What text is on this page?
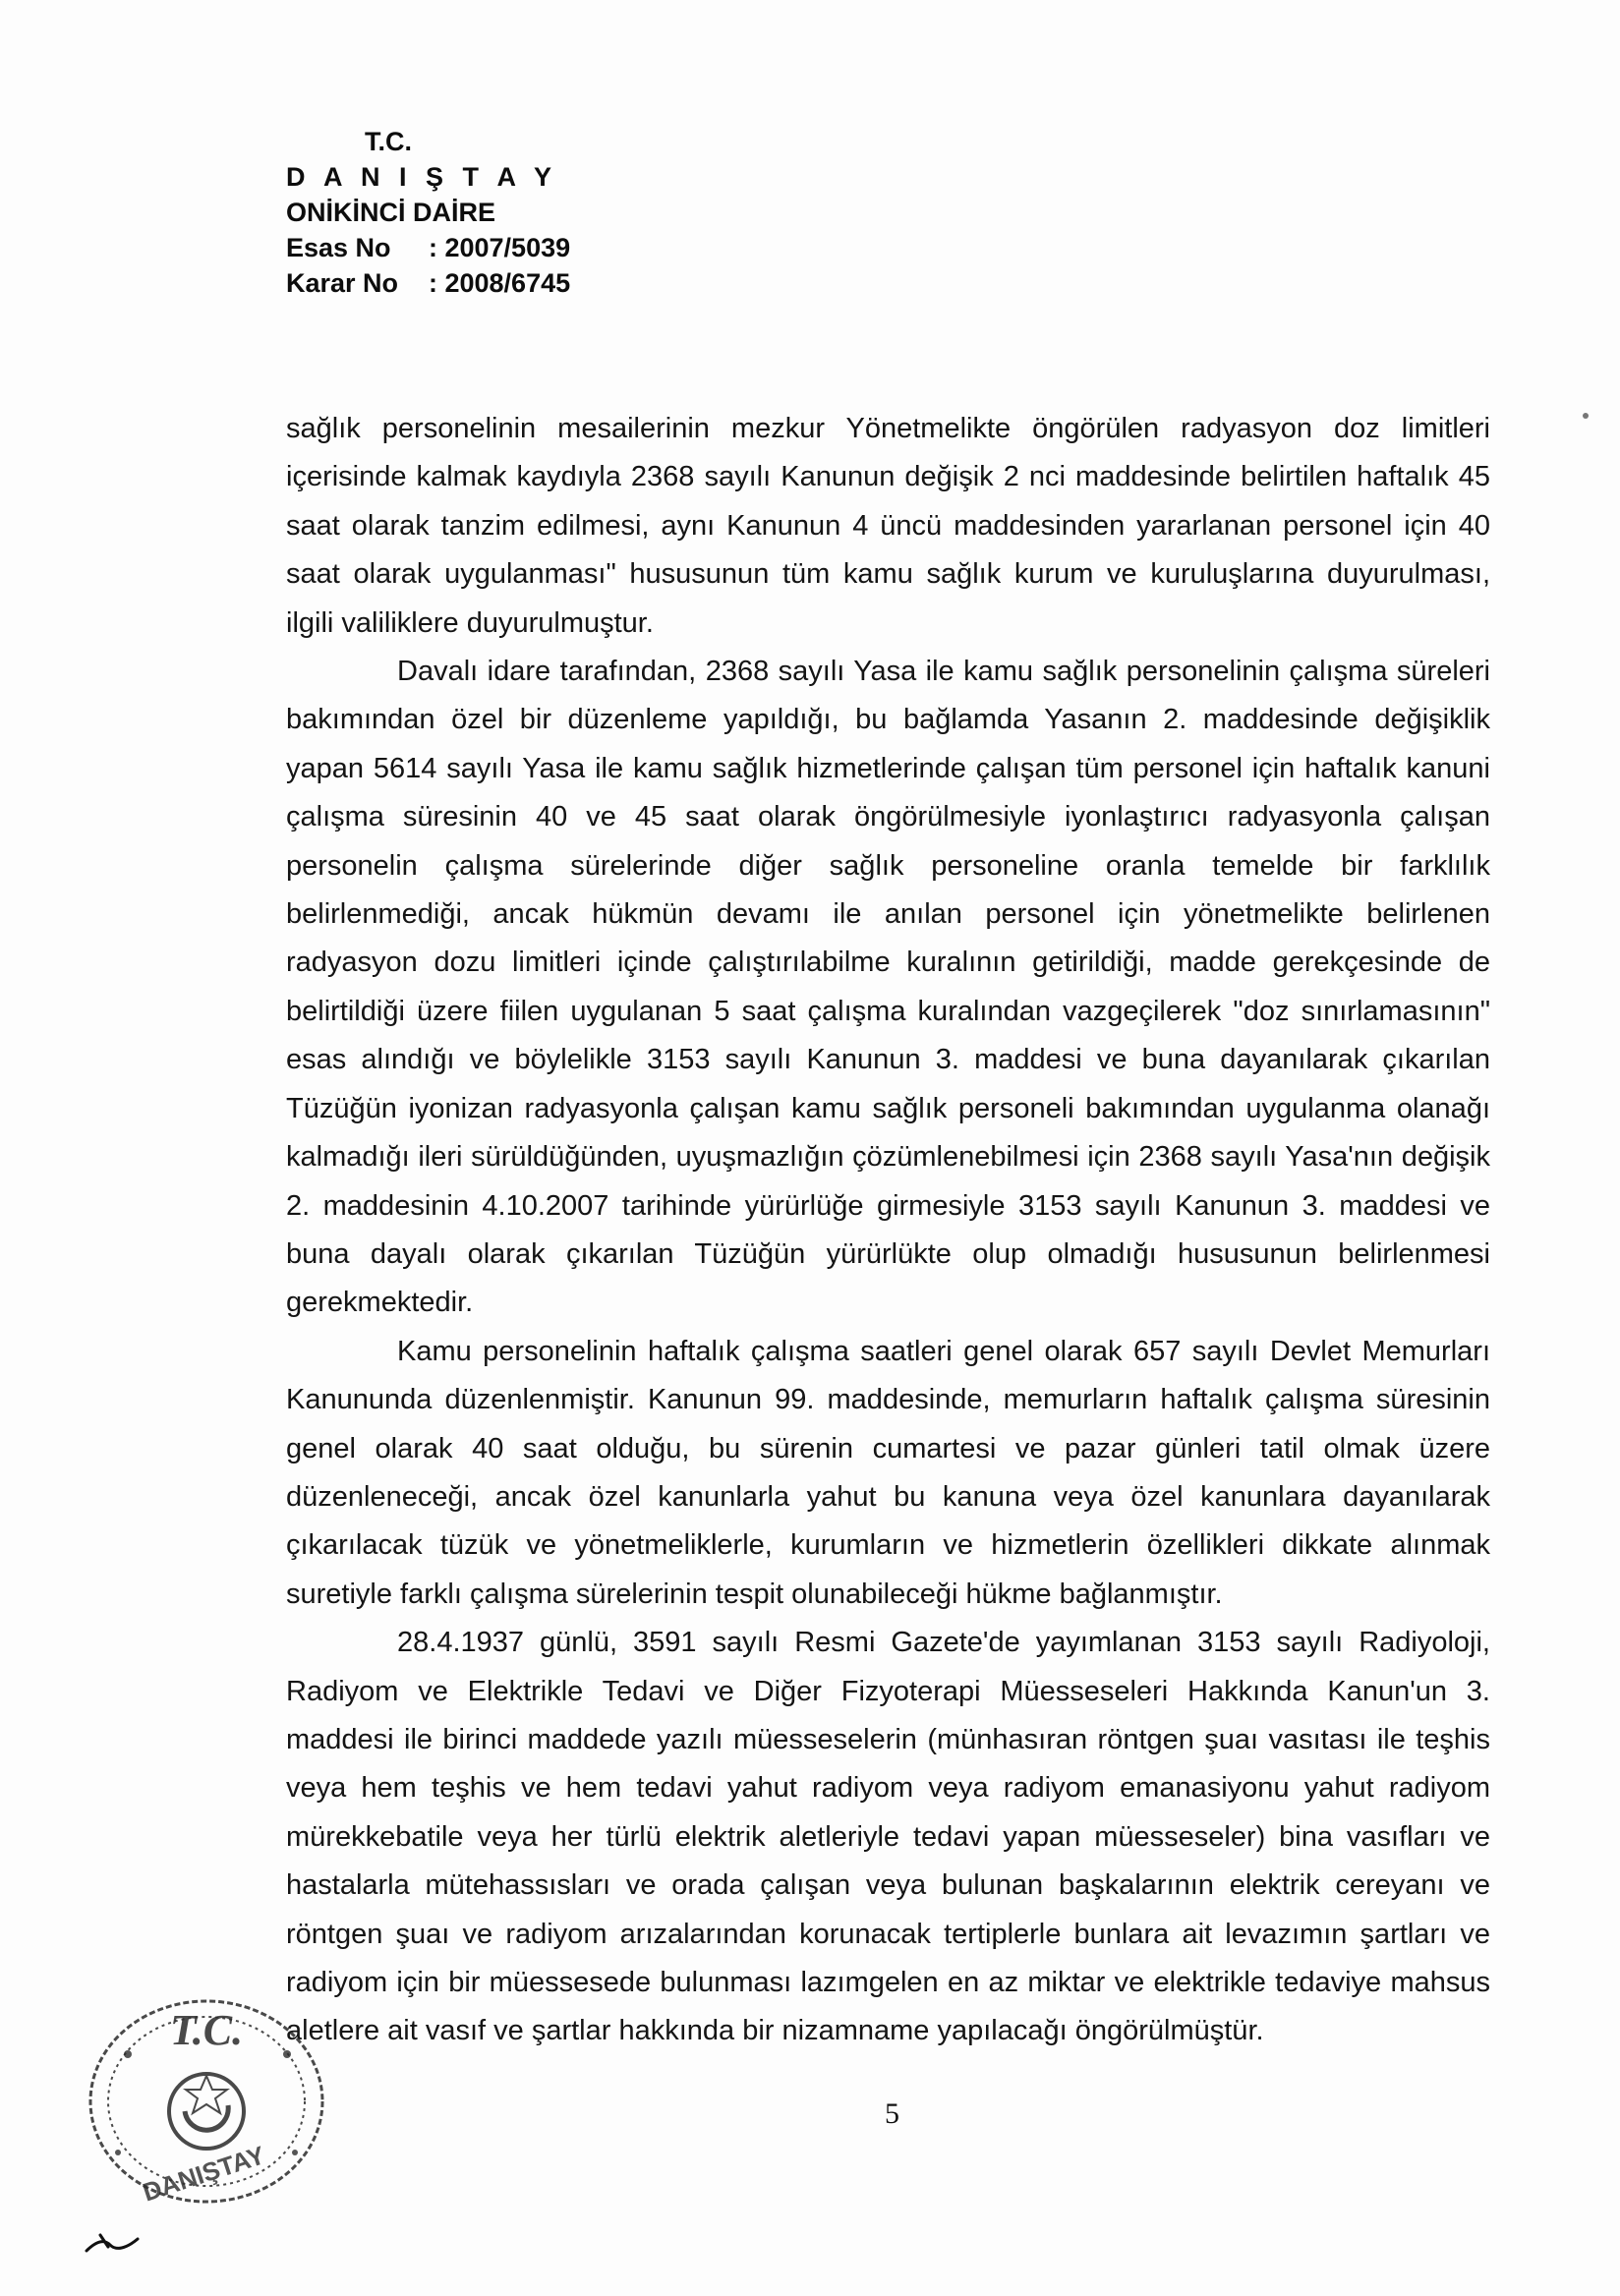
T.C.
D A N I Ş T A Y
ONİKİNCİ DAİRE
Esas No	: 2007/5039
Karar No	: 2008/6745

sağlık personelinin mesailerinin mezkur Yönetmelikte öngörülen radyasyon doz limitleri içerisinde kalmak kaydıyla 2368 sayılı Kanunun değişik 2 nci maddesinde belirtilen haftalık 45 saat olarak tanzim edilmesi, aynı Kanunun 4 üncü maddesinden yararlanan personel için 40 saat olarak uygulanması" hususunun tüm kamu sağlık kurum ve kuruluşlarına duyurulması, ilgili valiliklere duyurulmuştur.

Davalı idare tarafından, 2368 sayılı Yasa ile kamu sağlık personelinin çalışma süreleri bakımından özel bir düzenleme yapıldığı, bu bağlamda Yasanın 2. maddesinde değişiklik yapan 5614 sayılı Yasa ile kamu sağlık hizmetlerinde çalışan tüm personel için haftalık kanuni çalışma süresinin 40 ve 45 saat olarak öngörülmesiyle iyonlaştırıcı radyasyonla çalışan personelin çalışma sürelerinde diğer sağlık personeline oranla temelde bir farklılık belirlenmediği, ancak hükmün devamı ile anılan personel için yönetmelikte belirlenen radyasyon dozu limitleri içinde çalıştırılabilme kuralının getirildiği, madde gerekçesinde de belirtildiği üzere fiilen uygulanan 5 saat çalışma kuralından vazgeçilerek "doz sınırlamasının" esas alındığı ve böylelikle 3153 sayılı Kanunun 3. maddesi ve buna dayanılarak çıkarılan Tüzüğün iyonizan radyasyonla çalışan kamu sağlık personeli bakımından uygulanma olanağı kalmadığı ileri sürüldüğünden, uyuşmazlığın çözümlenebilmesi için 2368 sayılı Yasa'nın değişik 2. maddesinin 4.10.2007 tarihinde yürürlüğe girmesiyle 3153 sayılı Kanunun 3. maddesi ve buna dayalı olarak çıkarılan Tüzüğün yürürlükte olup olmadığı hususunun belirlenmesi gerekmektedir.

Kamu personelinin haftalık çalışma saatleri genel olarak 657 sayılı Devlet Memurları Kanununda düzenlenmiştir. Kanunun 99. maddesinde, memurların haftalık çalışma süresinin genel olarak 40 saat olduğu, bu sürenin cumartesi ve pazar günleri tatil olmak üzere düzenleneceği, ancak özel kanunlarla yahut bu kanuna veya özel kanunlara dayanılarak çıkarılacak tüzük ve yönetmeliklerle, kurumların ve hizmetlerin özellikleri dikkate alınmak suretiyle farklı çalışma sürelerinin tespit olunabileceği hükme bağlanmıştır.

28.4.1937 günlü, 3591 sayılı Resmi Gazete'de yayımlanan 3153 sayılı Radiyoloji, Radiyom ve Elektrikle Tedavi ve Diğer Fizyoterapi Müesseseleri Hakkında Kanun'un 3. maddesi ile birinci maddede yazılı müesseselerin (münhasıran röntgen şuaı vasıtası ile teşhis veya hem teşhis ve hem tedavi yahut radiyom veya radiyom emanasiyonu yahut radiyom mürekkebatile veya her türlü elektrik aletleriyle tedavi yapan müesseseler) bina vasıfları ve hastalarla mütehassısları ve orada çalışan veya bulunan başkalarının elektrik cereyanı ve röntgen şuaı ve radiyom arızalarından korunacak tertiplerle bunlara ait levazımın şartları ve radiyom için bir müessesede bulunması lazımgelen en az miktar ve elektrikle tedaviye mahsus aletlere ait vasıf ve şartlar hakkında bir nizamname yapılacağı öngörülmüştür.

T.C.
DANIŞTAY
5
